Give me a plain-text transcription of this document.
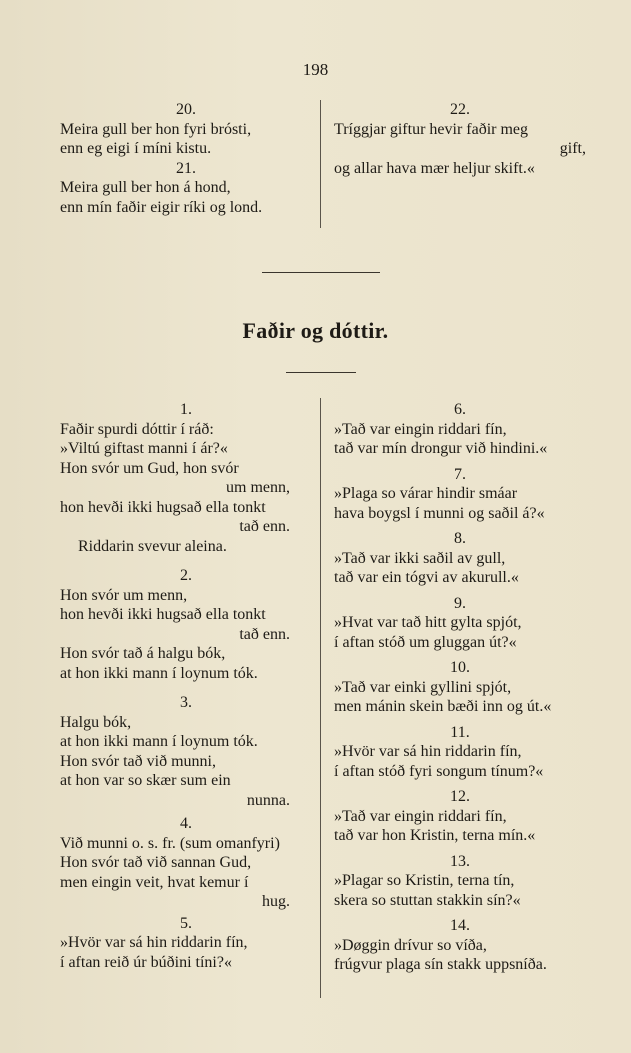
198
20.
Meira gull ber hon fyri brósti,
enn eg eigi í míni kistu.
21.
Meira gull ber hon á hond,
enn mín faðir eigir ríki og lond.
22.
Tríggjar giftur hevir faðir meg
gift,
og allar hava mær heljur skift.«
Faðir og dóttir.
1.
Faðir spurdi dóttir í ráð:
»Viltú giftast manni í ár?«
Hon svór um Gud, hon svór
um menn,
hon hevði ikki hugsað ella tonkt
tað enn.
Riddarin svevur aleina.
2.
Hon svór um menn,
hon hevði ikki hugsað ella tonkt
tað enn.
Hon svór tað á halgu bók,
at hon ikki mann í loynum tók.
3.
Halgu bók,
at hon ikki mann í loynum tók.
Hon svór tað við munni,
at hon var so skær sum ein
nunna.
4.
Við munni o. s. fr. (sum omanfyri)
Hon svór tað við sannan Gud,
men eingin veit, hvat kemur í
hug.
5.
»Hvör var sá hin riddarin fín,
í aftan reið úr búðini tíni?«
6.
»Tað var eingin riddari fín,
tað var mín drongur við hindini.«
7.
»Plaga so várar hindir smáar
hava boygsl í munni og saðil á?«
8.
»Tað var ikki saðil av gull,
tað var ein tógvi av akurull.«
9.
»Hvat var tað hitt gylta spjót,
í aftan stóð um gluggan út?«
10.
»Tað var einki gyllini spjót,
men mánin skein bæði inn og út.«
11.
»Hvör var sá hin riddarin fín,
í aftan stóð fyri songum tínum?«
12.
»Tað var eingin riddari fín,
tað var hon Kristin, terna mín.«
13.
»Plagar so Kristin, terna tín,
skera so stuttan stakkin sín?«
14.
»Døggin drívur so víða,
frúgvur plaga sín stakk uppsníða.
